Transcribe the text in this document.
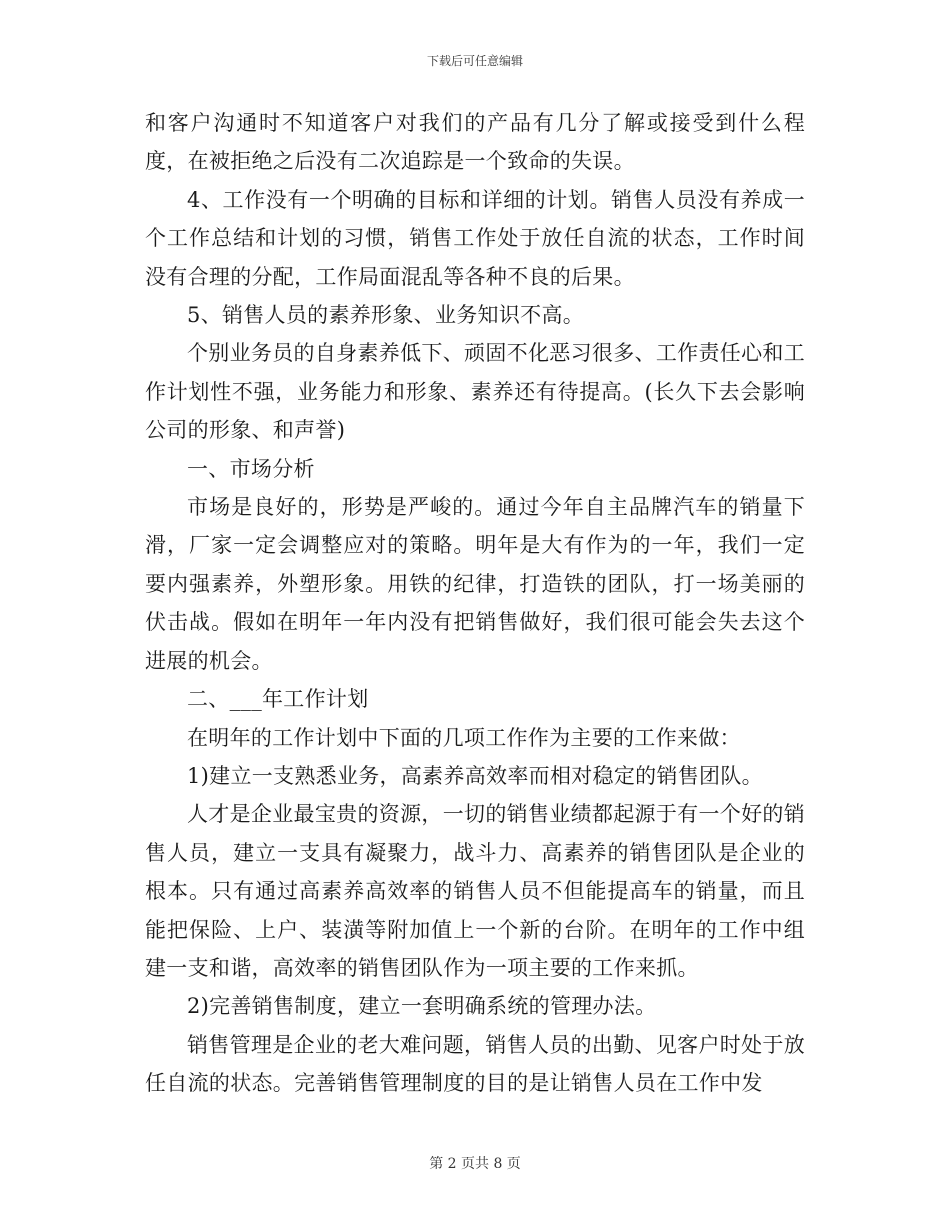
下载后可任意编辑

和客户沟通时不知道客户对我们的产品有几分了解或接受到什么程度，在被拒绝之后没有二次追踪是一个致命的失误。

4、工作没有一个明确的目标和详细的计划。销售人员没有养成一个工作总结和计划的习惯，销售工作处于放任自流的状态，工作时间没有合理的分配，工作局面混乱等各种不良的后果。

5、销售人员的素养形象、业务知识不高。

个别业务员的自身素养低下、顽固不化恶习很多、工作责任心和工作计划性不强，业务能力和形象、素养还有待提高。(长久下去会影响公司的形象、和声誉)

一、市场分析

市场是良好的，形势是严峻的。通过今年自主品牌汽车的销量下滑，厂家一定会调整应对的策略。明年是大有作为的一年，我们一定要内强素养，外塑形象。用铁的纪律，打造铁的团队，打一场美丽的伏击战。假如在明年一年内没有把销售做好，我们很可能会失去这个进展的机会。

二、___年工作计划

在明年的工作计划中下面的几项工作作为主要的工作来做：

1)建立一支熟悉业务，高素养高效率而相对稳定的销售团队。

人才是企业最宝贵的资源，一切的销售业绩都起源于有一个好的销售人员，建立一支具有凝聚力，战斗力、高素养的销售团队是企业的根本。只有通过高素养高效率的销售人员不但能提高车的销量，而且能把保险、上户、装潢等附加值上一个新的台阶。在明年的工作中组建一支和谐，高效率的销售团队作为一项主要的工作来抓。

2)完善销售制度，建立一套明确系统的管理办法。

销售管理是企业的老大难问题，销售人员的出勤、见客户时处于放任自流的状态。完善销售管理制度的目的是让销售人员在工作中发

第 2 页共 8 页
